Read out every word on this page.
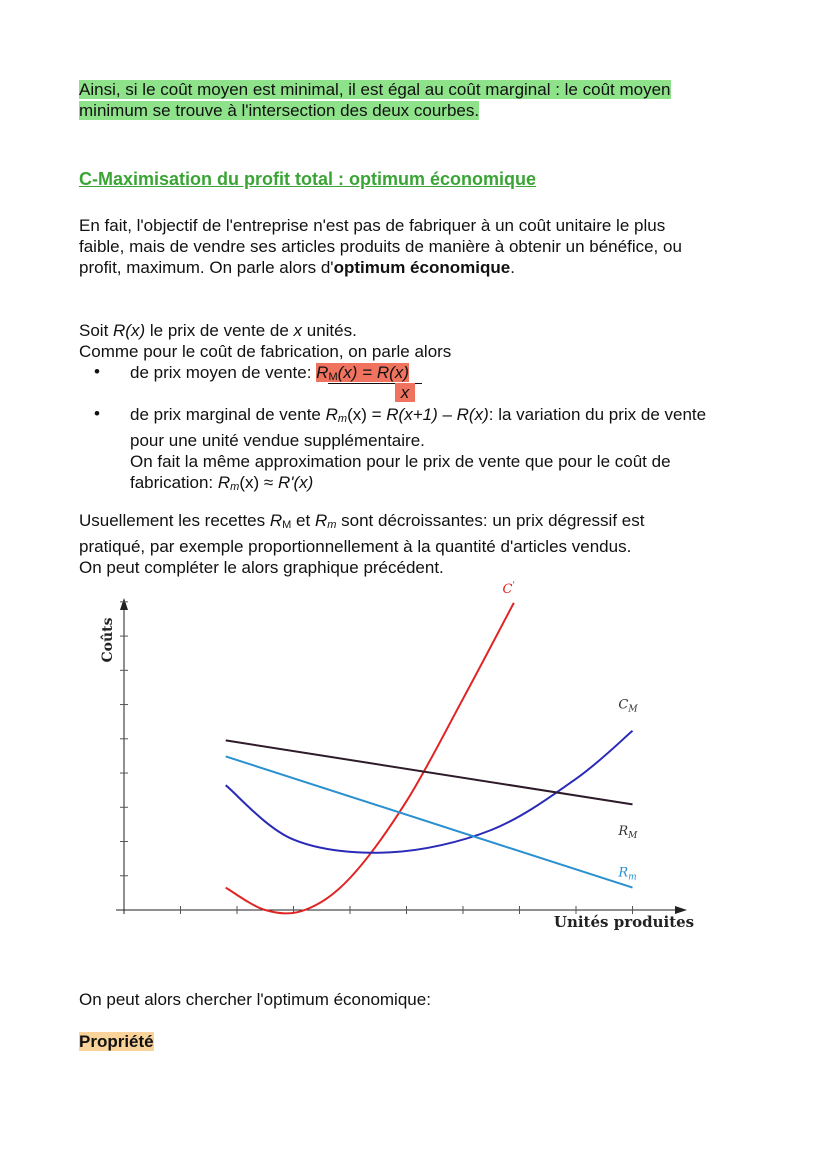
Ainsi, si le coût moyen est minimal, il est égal au coût marginal : le coût moyen
minimum se trouve à l'intersection des deux courbes.

C-Maximisation du profit total : optimum économique

En fait, l'objectif de l'entreprise n'est pas de fabriquer à un coût unitaire le plus
faible, mais de vendre ses articles produits de manière à obtenir un bénéfice, ou
profit, maximum. On parle alors d'optimum économique.

Soit R(x) le prix de vente de x unités.
Comme pour le coût de fabrication, on parle alors

• de prix moyen de vente: $R_M(x) = R(x)$
x
• de prix marginal de vente $R_m(x) = R(x+1) - R(x)$: la variation du prix de vente
pour une unité vendue supplémentaire.
On fait la même approximation pour le prix de vente que pour le coût de
fabrication: $R_m(x) \approx R'(x)$

Usuellement les recettes $R_M$ et $R_m$ sont décroissantes: un prix dégressif est
pratiqué, par exemple proportionnellement à la quantité d'articles vendus.
On peut compléter le alors graphique précédent.

C'
$C_M$
$R_M$
$R_m$
Coûts
Unités produites

On peut alors chercher l'optimum économique:

Propriété
